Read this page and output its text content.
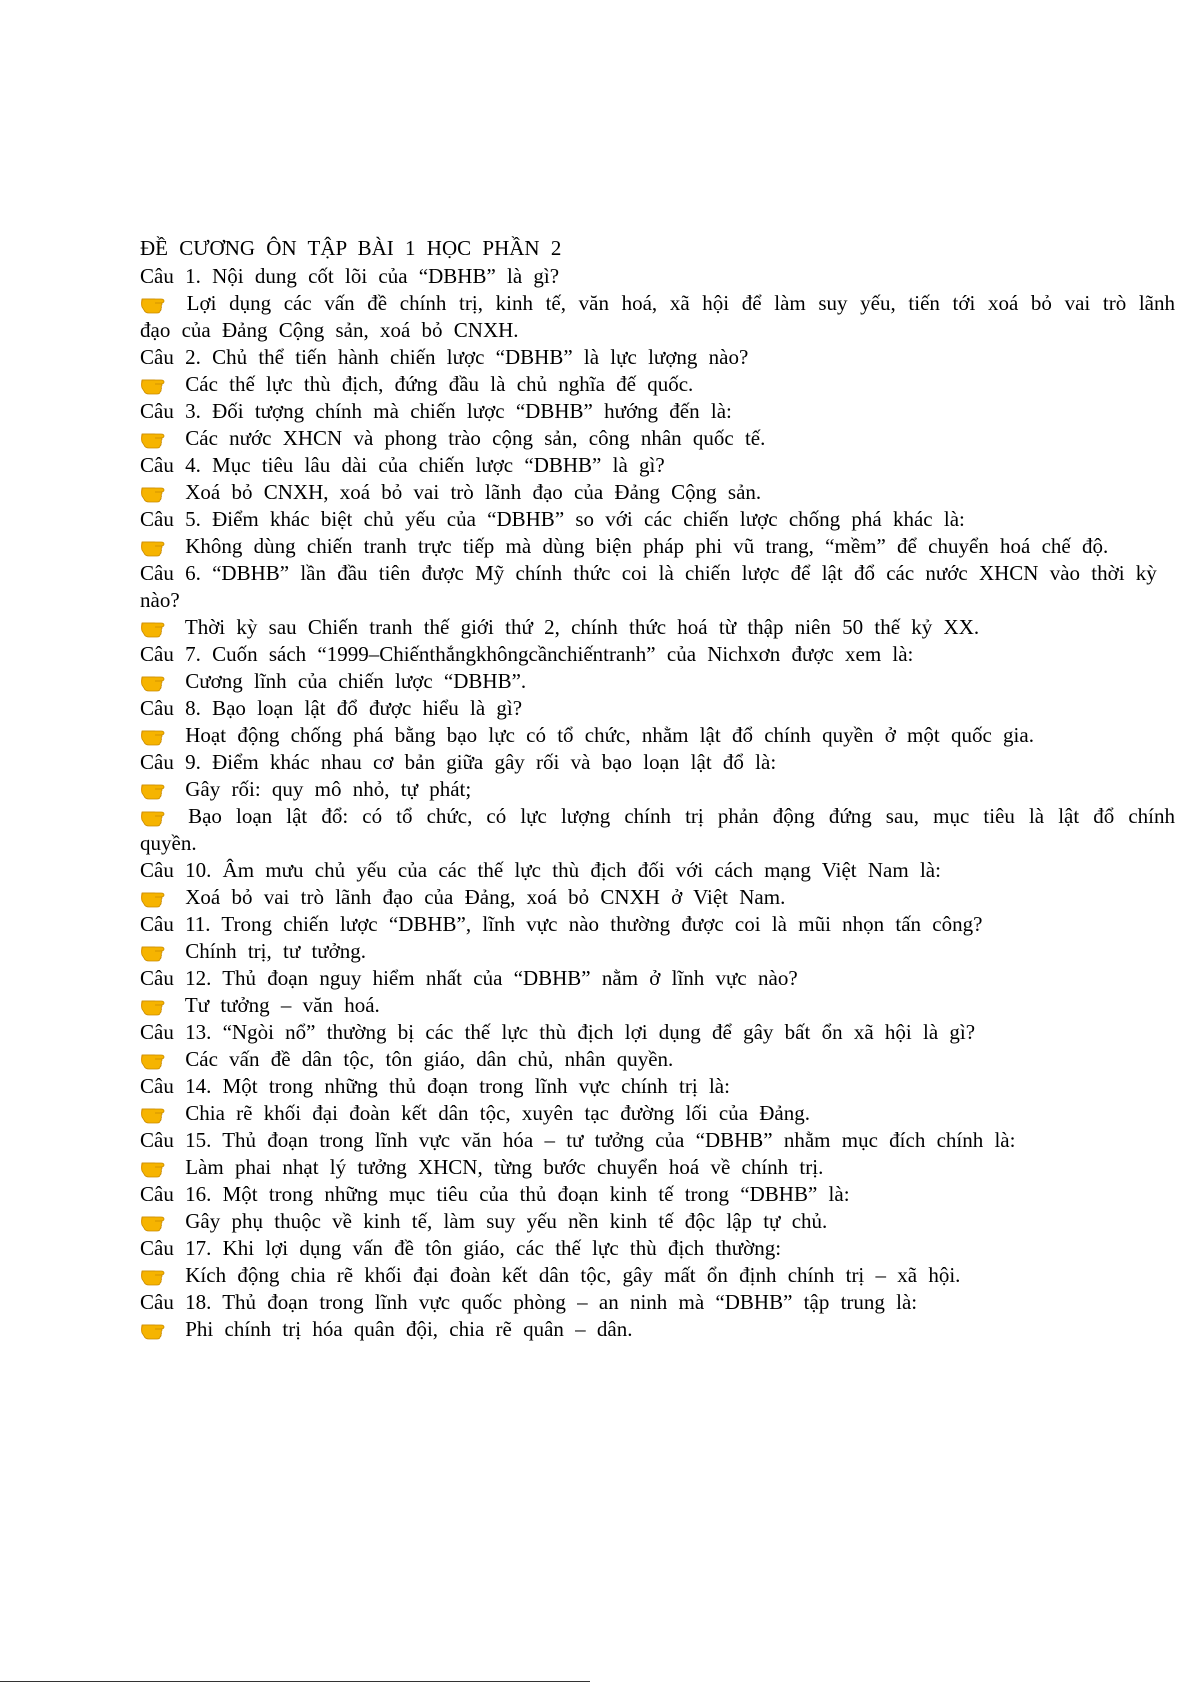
ĐỀ CƯƠNG ÔN TẬP BÀI 1 HỌC PHẦN 2

Câu 1. Nội dung cốt lõi của “DBHB” là gì?

Lợi dụng các vấn đề chính trị, kinh tế, văn hoá, xã hội để làm suy yếu, tiến tới xoá bỏ vai trò lãnh đạo của Đảng Cộng sản, xoá bỏ CNXH.

Câu 2. Chủ thể tiến hành chiến lược “DBHB” là lực lượng nào?

Các thế lực thù địch, đứng đầu là chủ nghĩa đế quốc.

Câu 3. Đối tượng chính mà chiến lược “DBHB” hướng đến là:

Các nước XHCN và phong trào cộng sản, công nhân quốc tế.

Câu 4. Mục tiêu lâu dài của chiến lược “DBHB” là gì?

Xoá bỏ CNXH, xoá bỏ vai trò lãnh đạo của Đảng Cộng sản.

Câu 5. Điểm khác biệt chủ yếu của “DBHB” so với các chiến lược chống phá khác là:

Không dùng chiến tranh trực tiếp mà dùng biện pháp phi vũ trang, “mềm” để chuyển hoá chế độ.

Câu 6. “DBHB” lần đầu tiên được Mỹ chính thức coi là chiến lược để lật đổ các nước XHCN vào thời kỳ nào?

Thời kỳ sau Chiến tranh thế giới thứ 2, chính thức hoá từ thập niên 50 thế kỷ XX.

Câu 7. Cuốn sách “1999–Chiếnthắngkhôngcầnchiếntranh” của Nichxơn được xem là:

Cương lĩnh của chiến lược “DBHB”.

Câu 8. Bạo loạn lật đổ được hiểu là gì?

Hoạt động chống phá bằng bạo lực có tổ chức, nhằm lật đổ chính quyền ở một quốc gia.

Câu 9. Điểm khác nhau cơ bản giữa gây rối và bạo loạn lật đổ là:

Gây rối: quy mô nhỏ, tự phát;

Bạo loạn lật đổ: có tổ chức, có lực lượng chính trị phản động đứng sau, mục tiêu là lật đổ chính quyền.

Câu 10. Âm mưu chủ yếu của các thế lực thù địch đối với cách mạng Việt Nam là:

Xoá bỏ vai trò lãnh đạo của Đảng, xoá bỏ CNXH ở Việt Nam.

Câu 11. Trong chiến lược “DBHB”, lĩnh vực nào thường được coi là mũi nhọn tấn công?

Chính trị, tư tưởng.

Câu 12. Thủ đoạn nguy hiểm nhất của “DBHB” nằm ở lĩnh vực nào?

Tư tưởng – văn hoá.

Câu 13. “Ngòi nổ” thường bị các thế lực thù địch lợi dụng để gây bất ổn xã hội là gì?

Các vấn đề dân tộc, tôn giáo, dân chủ, nhân quyền.

Câu 14. Một trong những thủ đoạn trong lĩnh vực chính trị là:

Chia rẽ khối đại đoàn kết dân tộc, xuyên tạc đường lối của Đảng.

Câu 15. Thủ đoạn trong lĩnh vực văn hóa – tư tưởng của “DBHB” nhằm mục đích chính là:

Làm phai nhạt lý tưởng XHCN, từng bước chuyển hoá về chính trị.

Câu 16. Một trong những mục tiêu của thủ đoạn kinh tế trong “DBHB” là:

Gây phụ thuộc về kinh tế, làm suy yếu nền kinh tế độc lập tự chủ.

Câu 17. Khi lợi dụng vấn đề tôn giáo, các thế lực thù địch thường:

Kích động chia rẽ khối đại đoàn kết dân tộc, gây mất ổn định chính trị – xã hội.

Câu 18. Thủ đoạn trong lĩnh vực quốc phòng – an ninh mà “DBHB” tập trung là:

Phi chính trị hóa quân đội, chia rẽ quân – dân.
